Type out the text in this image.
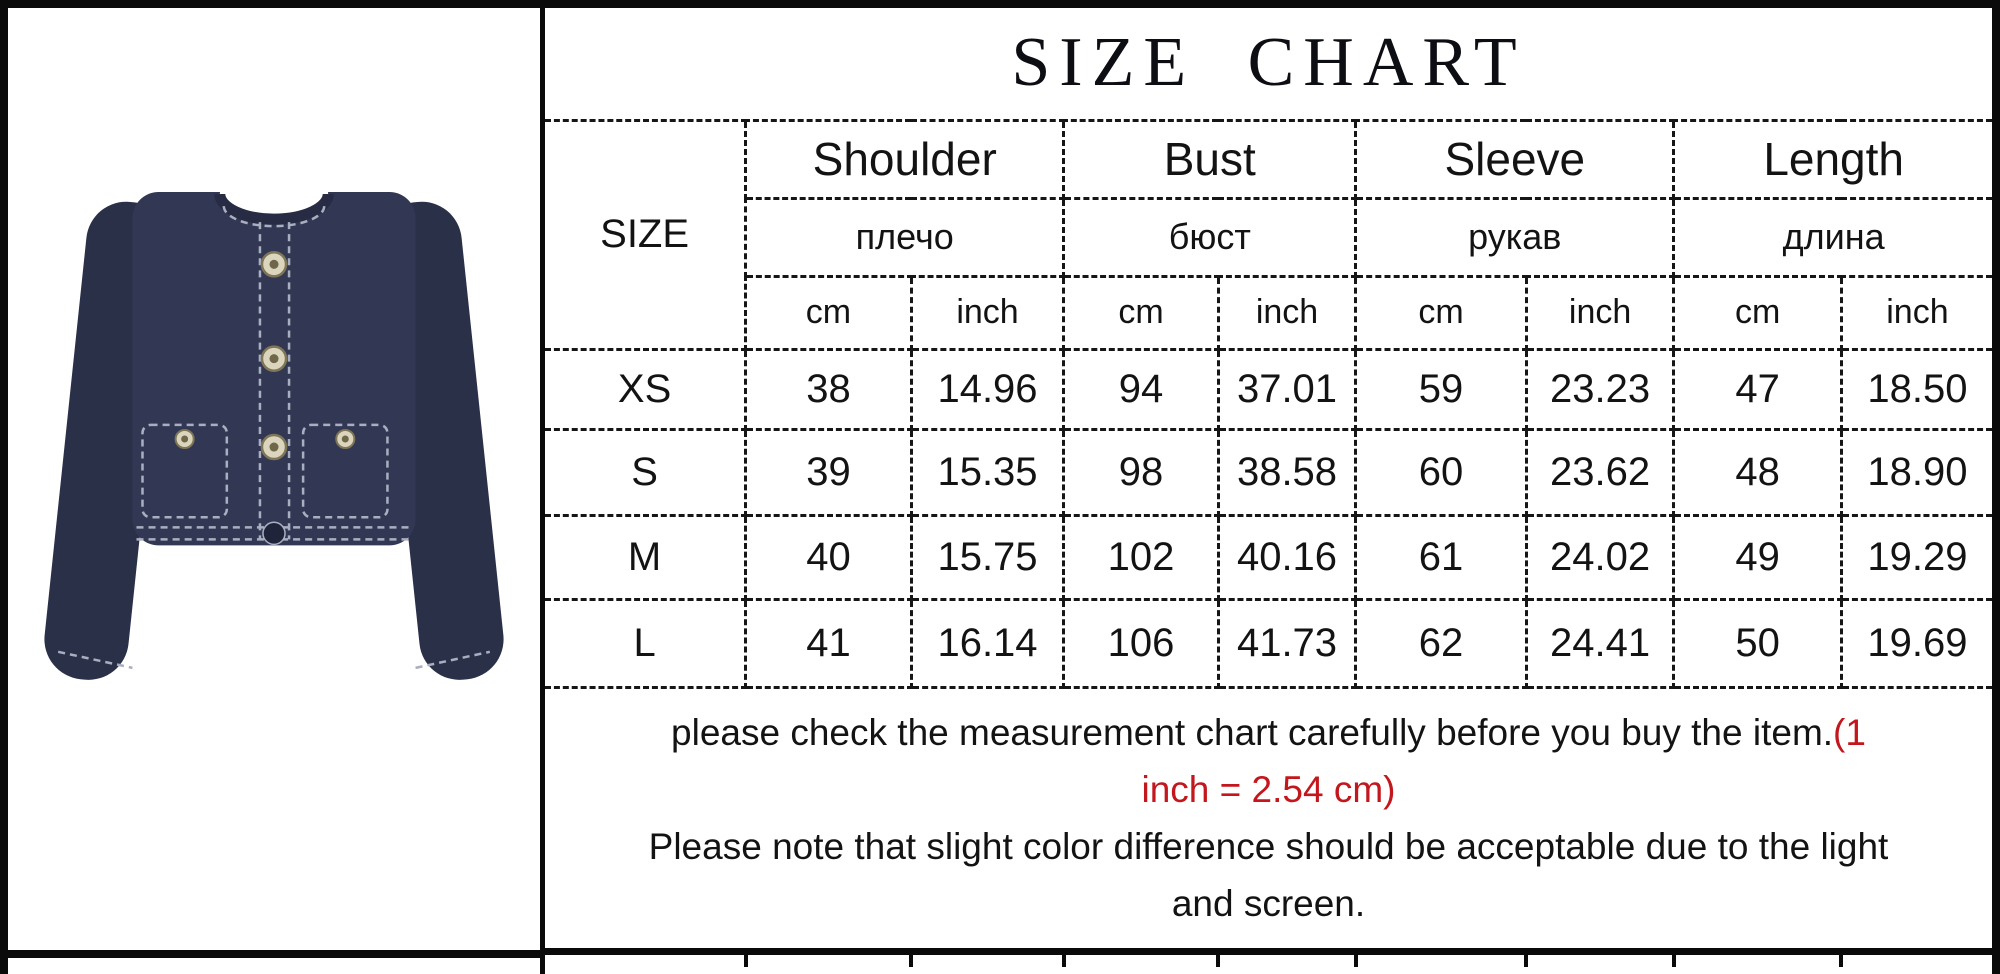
SIZE CHART								
SIZE	Shoulder		Bust		Sleeve		Length	
	плечо		бюст		рукав		длина	
	cm	inch	cm	inch	cm	inch	cm	inch
XS	38	14.96	94	37.01	59	23.23	47	18.50
S	39	15.35	98	38.58	60	23.62	48	18.90
M	40	15.75	102	40.16	61	24.02	49	19.29
L	41	16.14	106	41.73	62	24.41	50	19.69

please check the measurement chart carefully before you buy the item.(1
inch = 2.54 cm)
Please note that slight color difference should be acceptable due to the light
and screen.								
